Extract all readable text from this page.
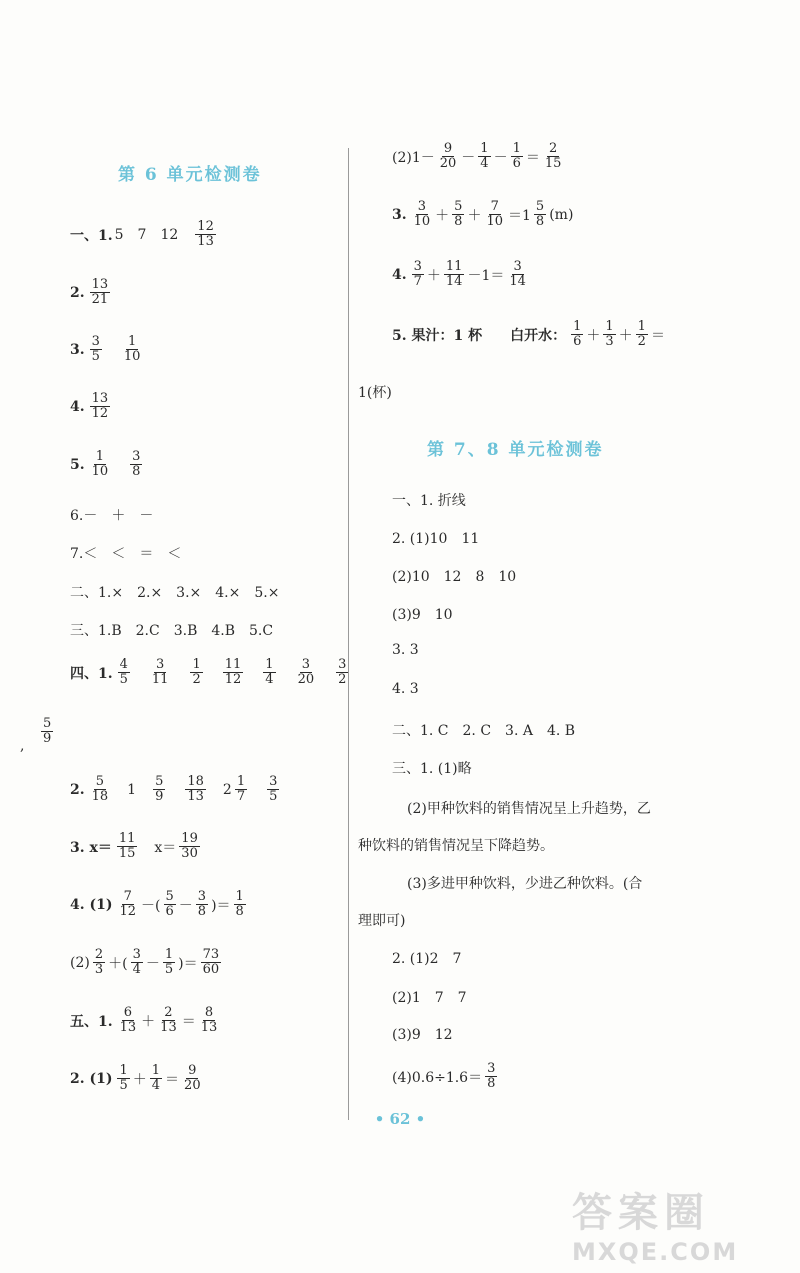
第 6 单元检测卷
一、1. 5 7 $12 \frac{12}{13}$
2. $\frac{13}{21}$
3. $\frac{3}{5} \frac{1}{10}$
4. $\frac{13}{12}$
5. $\frac{1}{10} \frac{3}{8}$
6.－　＋　－
7.＜　＜　＝　＜
二、1.×　2.×　3.×　4.×　5.×
三、1.B　2.C　3.B　4.B　5.C
四、1. $\frac{4}{5} \frac{3}{11} \frac{1}{2} \frac{11}{12} \frac{1}{4} \frac{3}{20} \frac{3}{2}$
$\frac{5}{9}$
,
2. $\frac{5}{18} 1 \frac{5}{9} \frac{18}{13} 2 \frac{1}{7} \frac{3}{5}$
3. $x= \frac{11}{15} x= \frac{19}{30}$
4. $(1) \frac{7}{12}$ －( $\frac{5}{6} - \frac{3}{8}$ )＝ $\frac{1}{8}$
$(2) \frac{2}{3}$ ＋( $\frac{3}{4} - \frac{1}{5}$ )＝ $\frac{73}{60}$
五、1. $\frac{6}{13} + \frac{2}{13} = \frac{8}{13}$
2. $(1) \frac{1}{5} + \frac{1}{4} = \frac{9}{20}$
$(2)1- \frac{9}{20} - \frac{1}{4} - \frac{1}{6} = \frac{2}{15}$
3. $\frac{3}{10} + \frac{5}{8} + \frac{7}{10} =1 \frac{5}{8} (m)$
4. $\frac{3}{7} + \frac{11}{14} -1= \frac{3}{14}$
5. 果汁：1 杯　　白开水： $\frac{1}{6} + \frac{1}{3} + \frac{1}{2}$ ＝
1(杯)
第 7、8 单元检测卷
一、1. 折线
2. (1)10　11
(2)10　12　8　10
(3)9　10
3. 3
4. 3
二、1. C　2. C　3. A　4. B
三、1. (1)略
(2)甲种饮料的销售情况呈上升趋势，乙
种饮料的销售情况呈下降趋势。
(3)多进甲种饮料，少进乙种饮料。(合
理即可)
2. (1)2　7
(2)1　7　7
(3)9　12
$(4)0.6\div 1.6= \frac{3}{8}$
• 62 •
答案圈
MXQE.COM
